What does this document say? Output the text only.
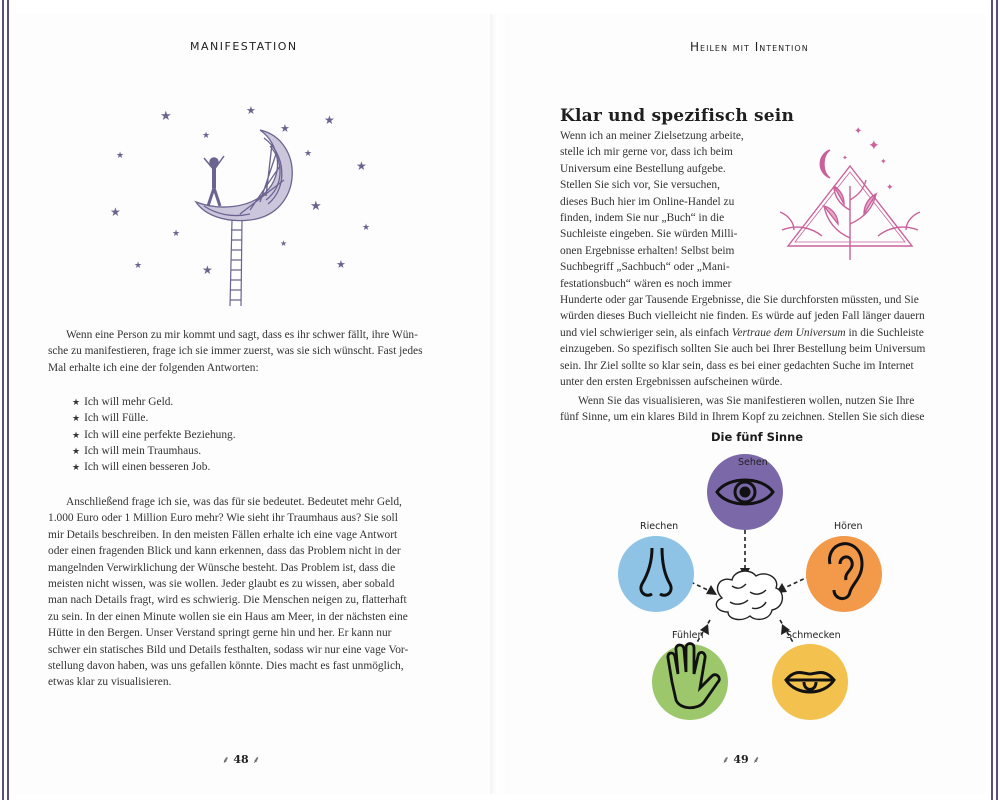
MANIFESTATION
★	★
★
★	★
★	★
★
★	★
★
★
★
★	★	★
Wenn eine Person zu mir kommt und sagt, dass es ihr schwer fällt, ihre Wün-
sche zu manifestieren, frage ich sie immer zuerst, was sie sich wünscht. Fast jedes
Mal erhalte ich eine der folgenden Antworten:
★ Ich will mehr Geld.
★ Ich will Fülle.
★ Ich will eine perfekte Beziehung.
★ Ich will mein Traumhaus.
★ Ich will einen besseren Job.
Anschließend frage ich sie, was das für sie bedeutet. Bedeutet mehr Geld,
1.000 Euro oder 1 Million Euro mehr? Wie sieht ihr Traumhaus aus? Sie soll
mir Details beschreiben. In den meisten Fällen erhalte ich eine vage Antwort
oder einen fragenden Blick und kann erkennen, dass das Problem nicht in der
mangelnden Verwirklichung der Wünsche besteht. Das Problem ist, dass die
meisten nicht wissen, was sie wollen. Jeder glaubt es zu wissen, aber sobald
man nach Details fragt, wird es schwierig. Die Menschen neigen zu, flatterhaft
zu sein. In der einen Minute wollen sie ein Haus am Meer, in der nächsten eine
Hütte in den Bergen. Unser Verstand springt gerne hin und her. Er kann nur
schwer ein statisches Bild und Details festhalten, sodass wir nur eine vage Vor-
stellung davon haben, was uns gefallen könnte. Dies macht es fast unmöglich,
etwas klar zu visualisieren.
⸙ 48 ⸙
Heilen mit Intention
Klar und spezifisch sein
Wenn ich an meiner Zielsetzung arbeite,
stelle ich mir gerne vor, dass ich beim
Universum eine Bestellung aufgebe.
Stellen Sie sich vor, Sie versuchen,
dieses Buch hier im Online-Handel zu
finden, indem Sie nur „Buch“ in die
Suchleiste eingeben. Sie würden Milli-
onen Ergebnisse erhalten! Selbst beim
Suchbegriff „Sachbuch“ oder „Mani-
festationsbuch“ wären es noch immer
✦
✦
✦
✦
✦
Hunderte oder gar Tausende Ergebnisse, die Sie durchforsten müssten, und Sie
würden dieses Buch vielleicht nie finden. Es würde auf jeden Fall länger dauern
und viel schwieriger sein, als einfach Vertraue dem Universum in die Suchleiste
einzugeben. So spezifisch sollten Sie auch bei Ihrer Bestellung beim Universum
sein. Ihr Ziel sollte so klar sein, dass es bei einer gedachten Suche im Internet
unter den ersten Ergebnissen aufscheinen würde.
Wenn Sie das visualisieren, was Sie manifestieren wollen, nutzen Sie Ihre
fünf Sinne, um ein klares Bild in Ihrem Kopf zu zeichnen. Stellen Sie sich diese
Die fünf Sinne
Sehen
Hören
Riechen
Fühlen	Schmecken
⸙ 49 ⸙
